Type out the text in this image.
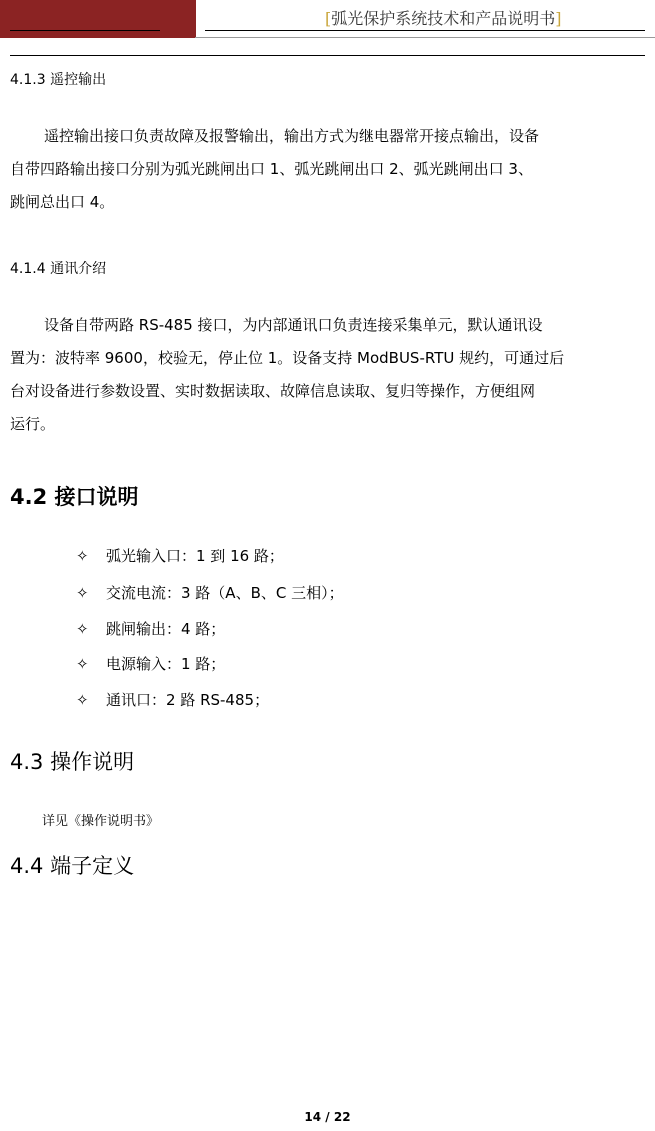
[弧光保护系统技术和产品说明书]
4.1.3 遥控输出
遥控输出接口负责故障及报警输出，输出方式为继电器常开接点输出，设备
自带四路输出接口分别为弧光跳闸出口 1、弧光跳闸出口 2、弧光跳闸出口 3、
跳闸总出口 4。
4.1.4 通讯介绍
设备自带两路 RS-485 接口，为内部通讯口负责连接采集单元，默认通讯设
置为：波特率 9600，校验无，停止位 1。设备支持 ModBUS-RTU 规约，可通过后
台对设备进行参数设置、实时数据读取、故障信息读取、复归等操作，方便组网
运行。
4.2 接口说明
✧ 弧光输入口：1 到 16 路；
✧ 交流电流：3 路（A、B、C 三相）；
✧ 跳闸输出：4 路；
✧ 电源输入：1 路；
✧ 通讯口：2 路 RS-485；
4.3 操作说明
详见《操作说明书》
4.4 端子定义
14 / 22
